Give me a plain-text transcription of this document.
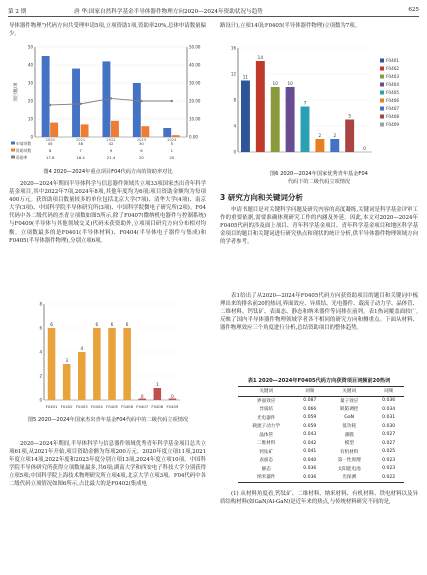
第 2 期	唐 华:国家自然科学基金半导体器件物理方向2020—2024年资助状况与趋势	625

导体器件物理")代码方向共受理申请5项,立项资助1项,资助率20%,总体申请数量偏少。

0	0.00
10	10.00
20	20.00
30	30.00
40	40.00
50	50.00
项目数/项
申请项数	45	38	42	30	5
资助项数	8	7	9	6	1
资助率	17.8	18.4	21.4	20	20
2020	2021	2022	2023	2024
图4 2020—2024年重点项目F04代码方向的资助率对比

2020—2024年期间半导体科学与信息器件领域共立项33项国家杰出青年科学基金项目,其中2022年7项,2024年8项,其他年度均为6项;项目资助金额均为每项400万元。获资助项目数量较多的单位包括北京大学(7项)、清华大学(4项)、南京大学(3项)、中国科学院半导体研究所(3项)、中国科学院微电子研究所(2项)。F04代码中各二级代码的杰青立项数如图5所示,除了F0407(微纳机电器件与控制系统)与F0409(半导体与其他领域交叉)代码未获资助外,立项项目研究方向分布相对均衡。立项数最多的是F0401(半导体材料)、F0404(半导体电子器件与集成)和F0405(半导体器件物理),分别立项6项。

0
2
4
6
8
6
F0401
3
F0402
4
F0403
6
F0404
6
F0405
6
F0406
0
F0407
1
F0408
0
F0409
图5 2020—2024年国家杰出青年基金F04代码中的二级代码立项情况

2020—2024年期间,半导体科学与信息器件领域优秀青年科学基金项目总共立项61项,从2021年开始,项目资助金额为每项200万元。2020年度立项11项,2021年度立项14项,2022年度和2023年度分别立项13项,2024年度立项10项。中国科学院半导体研究所获得立项数量最多,共6项;湖南大学和西安电子科技大学分别获得立项5项;中国科学院上海技术物理研究所立项4项,北京大学立项3项。F04代码中各二级代码立项情况如图6所示,占比最大的是F0402(集成电

路设计),立项14项;F0405(半导体器件物理)立项数为7项。

0
4
8
12
16
11
14
10 10
7
2	2
5
0
F0401
F0402
F0403
F0404
F0405
F0406
F0407
F0408
F0409
图6 2020—2024年国家优秀青年基金F04
代码下的二级代码立项情况
3 研究方向和关键词分析

申请书题目是对关键科学问题及研究内容的高度凝练,关键词是科学基金评审工作的重要依据,需要准确体现研究工作的内涵及外延。因此,本文对2020—2024年F0405代码的涉及面上项目、青年科学基金项目、青年科学基金项目和地区科学基金项目的题目和关键词进行研究热点和现状的统计分析,供半导体器件物理领域方向的学者参考。

表1给出了从2020—2024年F0405代码方向获资助项目的题目和关键词中梳理出来的排名前20的热词,界面效应、异质结、光电器件、载流子动力学、晶体管、二维材料、钙钛矿、表面态、静态和纳米器件等词排在前列。表1热词覆盖面较广,反映了国内半导体器件物理领域学者各不相同的研究方向和侧重点。下面从材料、器件物理效应三个角度进行分析,总结资助项目的整体趋势。

表1 2020—2024年F0405代码方向获资项目词频前20热词
关键词	词频	关键词	词频
界面效应	0.087	量子效应	0.036
异质结	0.066	缺陷调控	0.034
光电器件	0.059	GaN	0.031
载流子动力学	0.059	低功耗	0.030
晶体管	0.043	薄膜	0.027
二维材料	0.042	模型	0.027
钙钛矿	0.041	有机材料	0.025
表面态	0.040	第一性原理	0.023
静态	0.036	太阳能电池	0.023
纳米器件	0.036	光探测	0.022

(1) 从材料角度看,钙钛矿、二维材料、纳米材料、有机材料、铁电材料以及异质结构材料(如GaN/Al-GaN)是近年来的热点,与传统材料研究不同的是,
